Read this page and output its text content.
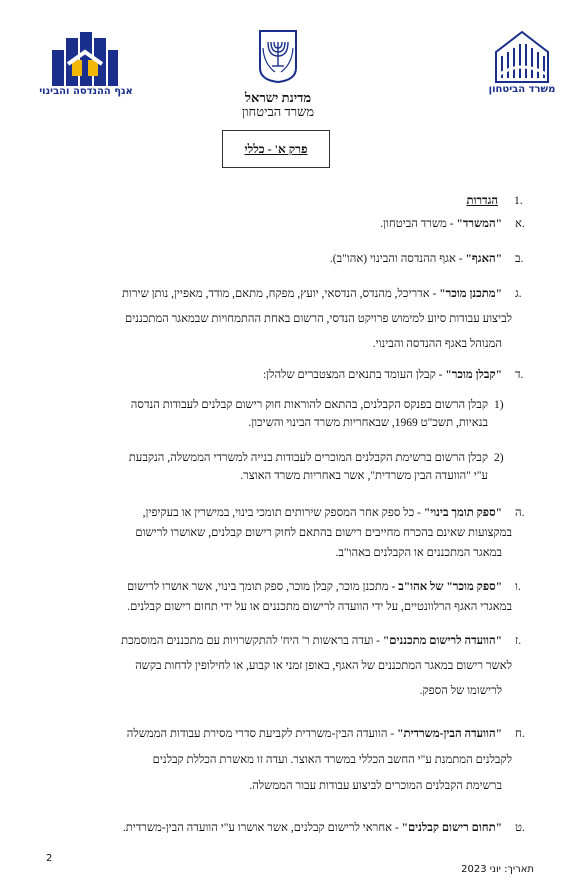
אגף ההנדסה והבינוי	מדינת ישראל
משרד הביטחון
משרד הביטחון
פרק א' - כללי
1.
הגדרות
א.
"המשרד" - משרד הביטחון.
ב.
"האגף" - אגף ההנדסה והבינוי (אהו"ב).
ג.
"מתכנן מוכר" - אדריכל, מהנדס, הנדסאי, יועץ, מפקח, מתאם, מודד, מאפיין, נותן שירות
לביצוע עבודות סיוע למימוש פרויקט הנדסי, הרשום באחת ההתמחויות שבמאגר המתכננים
המנוהל באגף ההנדסה והבינוי.
ד.
"קבלן מוכר" - קבלן העומד בתנאים המצטברים שלהלן:
1)
קבלן הרשום בפנקס הקבלנים, בהתאם להוראות חוק רישום קבלנים לעבודות הנדסה
בנאיות, תשכ"ט 1969, שבאחריות משרד הבינוי והשיכון.
2)
קבלן הרשום ברשימת הקבלנים המוכרים לעבודות בנייה למשרדי הממשלה, הנקבעת
ע"י "הוועדה הבין משרדית", אשר באחריות משרד האוצר.
ה.
"ספק תומך בינוי" - כל ספק אחר המספק שירותים תומכי בינוי, במישרין או בעקיפין,
במקצועות שאינם בהכרח מחייבים רישום בהתאם לחוק רישום קבלנים, שאושרו לרישום
במאגר המתכננים או הקבלנים באהו"ב.
ו.
"ספק מוכר" של אהו"ב - מתכנן מוכר, קבלן מוכר, ספק תומך בינוי, אשר אושרו לרישום
במאגרי האגף הרלוונטיים, על ידי הוועדה לרישום מתכננים או על ידי תחום רישום קבלנים.
ז.
"הוועדה לרישום מתכננים" - ועדה בראשות ר' היח' להתקשרויות עם מתכננים המוסמכת
לאשר רישום במאגר המתכננים של האגף, באופן זמני או קבוע, או לחילופין לדחות בקשה
לרישומו של הספק.
ח.
"הוועדה הבין-משרדית" - הוועדה הבין-משרדית לקביעת סדרי מסירת עבודות הממשלה
לקבלנים המתמנת ע"י החשב הכללי במשרד האוצר. ועדה זו מאשרת הכללת קבלנים
ברשימת הקבלנים המוכרים לביצוע עבודות עבור הממשלה.
ט.
"תחום רישום קבלנים" - אחראי לרישום קבלנים, אשר אושרו ע"י הוועדה הבין-משרדית.
2
תאריך: יוני 2023
